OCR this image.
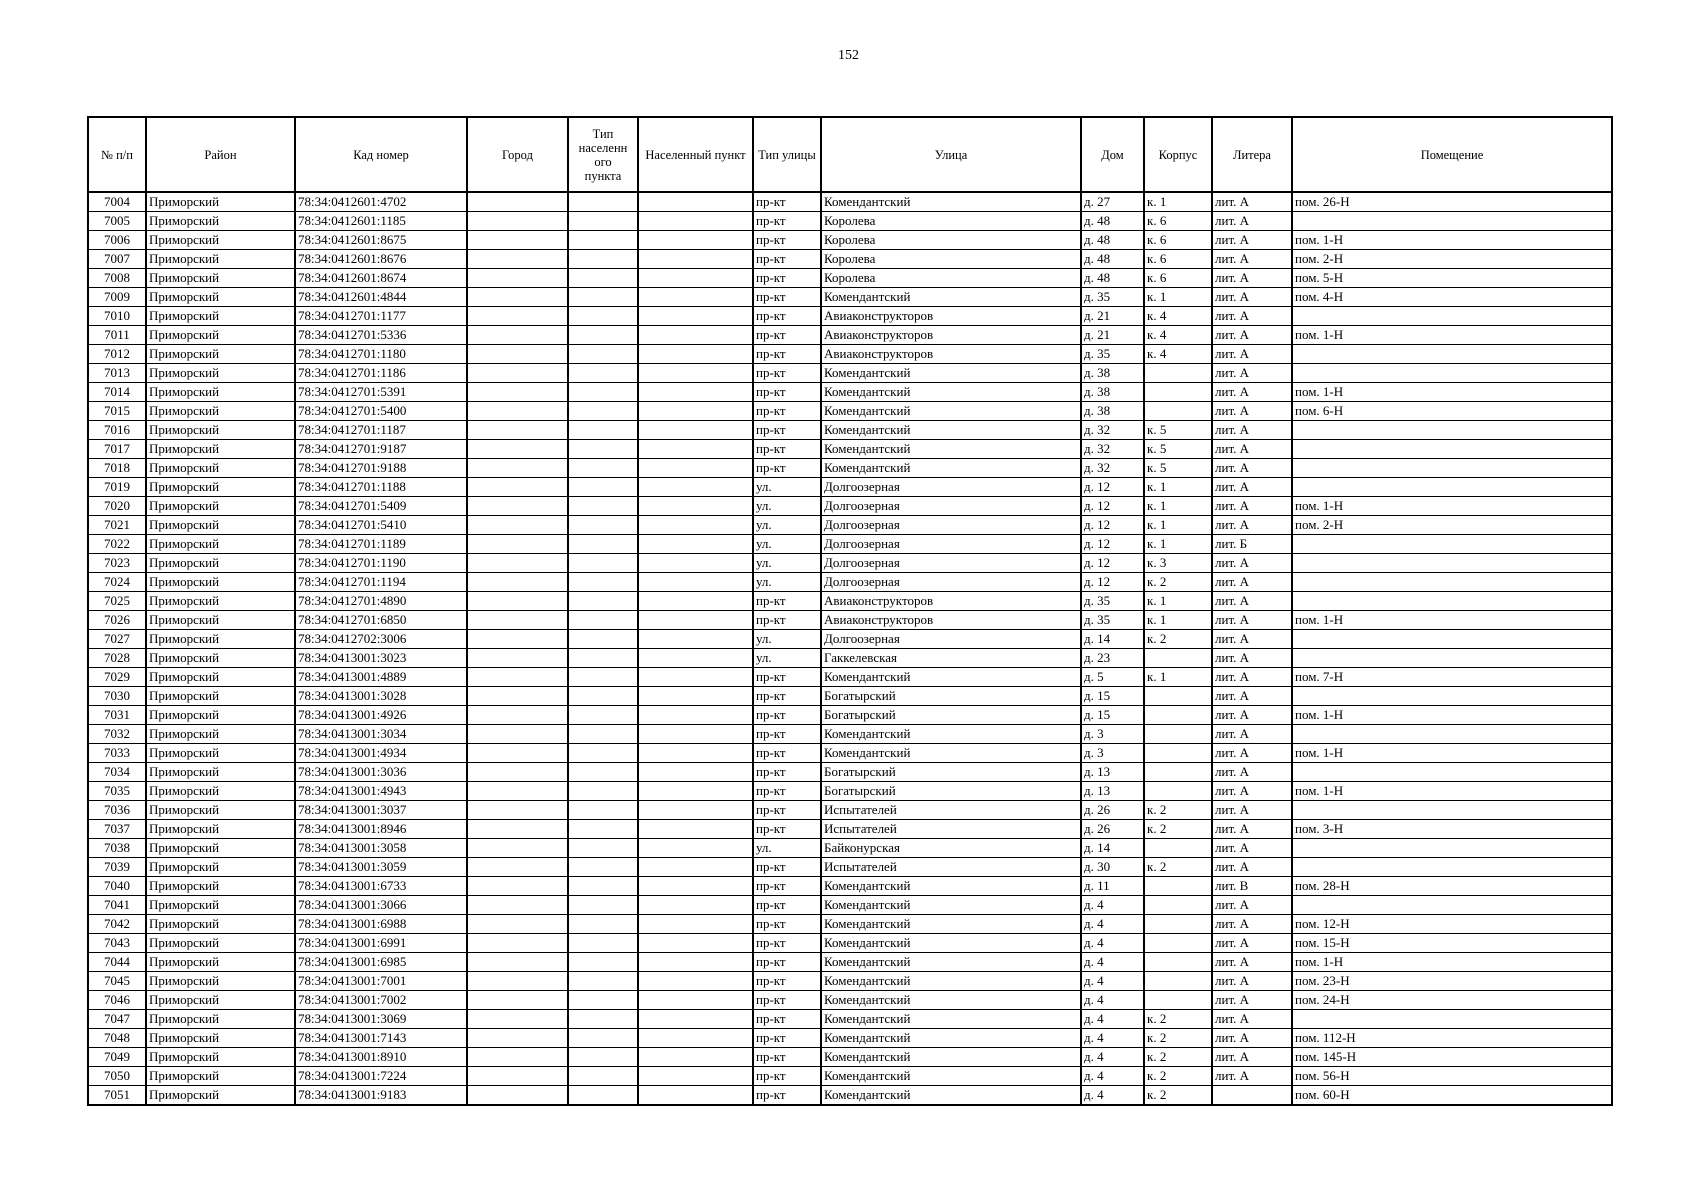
152
№ п/п	Район	Кад номер	Город	Тип
населенн
ого
пункта	Населенный пункт	Тип улицы	Улица	Дом	Корпус	Литера	Помещение
7004	Приморский	78:34:0412601:4702				пр-кт	Комендантский	д. 27	к. 1	лит. А	пом. 26-Н
7005	Приморский	78:34:0412601:1185				пр-кт	Королева	д. 48	к. 6	лит. А	
7006	Приморский	78:34:0412601:8675				пр-кт	Королева	д. 48	к. 6	лит. А	пом. 1-Н
7007	Приморский	78:34:0412601:8676				пр-кт	Королева	д. 48	к. 6	лит. А	пом. 2-Н
7008	Приморский	78:34:0412601:8674				пр-кт	Королева	д. 48	к. 6	лит. А	пом. 5-Н
7009	Приморский	78:34:0412601:4844				пр-кт	Комендантский	д. 35	к. 1	лит. А	пом. 4-Н
7010	Приморский	78:34:0412701:1177				пр-кт	Авиаконструкторов	д. 21	к. 4	лит. А	
7011	Приморский	78:34:0412701:5336				пр-кт	Авиаконструкторов	д. 21	к. 4	лит. А	пом. 1-Н
7012	Приморский	78:34:0412701:1180				пр-кт	Авиаконструкторов	д. 35	к. 4	лит. А	
7013	Приморский	78:34:0412701:1186				пр-кт	Комендантский	д. 38		лит. А	
7014	Приморский	78:34:0412701:5391				пр-кт	Комендантский	д. 38		лит. А	пом. 1-Н
7015	Приморский	78:34:0412701:5400				пр-кт	Комендантский	д. 38		лит. А	пом. 6-Н
7016	Приморский	78:34:0412701:1187				пр-кт	Комендантский	д. 32	к. 5	лит. А	
7017	Приморский	78:34:0412701:9187				пр-кт	Комендантский	д. 32	к. 5	лит. А	
7018	Приморский	78:34:0412701:9188				пр-кт	Комендантский	д. 32	к. 5	лит. А	
7019	Приморский	78:34:0412701:1188				ул.	Долгоозерная	д. 12	к. 1	лит. А	
7020	Приморский	78:34:0412701:5409				ул.	Долгоозерная	д. 12	к. 1	лит. А	пом. 1-Н
7021	Приморский	78:34:0412701:5410				ул.	Долгоозерная	д. 12	к. 1	лит. А	пом. 2-Н
7022	Приморский	78:34:0412701:1189				ул.	Долгоозерная	д. 12	к. 1	лит. Б	
7023	Приморский	78:34:0412701:1190				ул.	Долгоозерная	д. 12	к. 3	лит. А	
7024	Приморский	78:34:0412701:1194				ул.	Долгоозерная	д. 12	к. 2	лит. А	
7025	Приморский	78:34:0412701:4890				пр-кт	Авиаконструкторов	д. 35	к. 1	лит. А	
7026	Приморский	78:34:0412701:6850				пр-кт	Авиаконструкторов	д. 35	к. 1	лит. А	пом. 1-Н
7027	Приморский	78:34:0412702:3006				ул.	Долгоозерная	д. 14	к. 2	лит. А	
7028	Приморский	78:34:0413001:3023				ул.	Гаккелевская	д. 23		лит. А	
7029	Приморский	78:34:0413001:4889				пр-кт	Комендантский	д. 5	к. 1	лит. А	пом. 7-Н
7030	Приморский	78:34:0413001:3028				пр-кт	Богатырский	д. 15		лит. А	
7031	Приморский	78:34:0413001:4926				пр-кт	Богатырский	д. 15		лит. А	пом. 1-Н
7032	Приморский	78:34:0413001:3034				пр-кт	Комендантский	д. 3		лит. А	
7033	Приморский	78:34:0413001:4934				пр-кт	Комендантский	д. 3		лит. А	пом. 1-Н
7034	Приморский	78:34:0413001:3036				пр-кт	Богатырский	д. 13		лит. А	
7035	Приморский	78:34:0413001:4943				пр-кт	Богатырский	д. 13		лит. А	пом. 1-Н
7036	Приморский	78:34:0413001:3037				пр-кт	Испытателей	д. 26	к. 2	лит. А	
7037	Приморский	78:34:0413001:8946				пр-кт	Испытателей	д. 26	к. 2	лит. А	пом. 3-Н
7038	Приморский	78:34:0413001:3058				ул.	Байконурская	д. 14		лит. А	
7039	Приморский	78:34:0413001:3059				пр-кт	Испытателей	д. 30	к. 2	лит. А	
7040	Приморский	78:34:0413001:6733				пр-кт	Комендантский	д. 11		лит. В	пом. 28-Н
7041	Приморский	78:34:0413001:3066				пр-кт	Комендантский	д. 4		лит. А	
7042	Приморский	78:34:0413001:6988				пр-кт	Комендантский	д. 4		лит. А	пом. 12-Н
7043	Приморский	78:34:0413001:6991				пр-кт	Комендантский	д. 4		лит. А	пом. 15-Н
7044	Приморский	78:34:0413001:6985				пр-кт	Комендантский	д. 4		лит. А	пом. 1-Н
7045	Приморский	78:34:0413001:7001				пр-кт	Комендантский	д. 4		лит. А	пом. 23-Н
7046	Приморский	78:34:0413001:7002				пр-кт	Комендантский	д. 4		лит. А	пом. 24-Н
7047	Приморский	78:34:0413001:3069				пр-кт	Комендантский	д. 4	к. 2	лит. А	
7048	Приморский	78:34:0413001:7143				пр-кт	Комендантский	д. 4	к. 2	лит. А	пом. 112-Н
7049	Приморский	78:34:0413001:8910				пр-кт	Комендантский	д. 4	к. 2	лит. А	пом. 145-Н
7050	Приморский	78:34:0413001:7224				пр-кт	Комендантский	д. 4	к. 2	лит. А	пом. 56-Н
7051	Приморский	78:34:0413001:9183				пр-кт	Комендантский	д. 4	к. 2		пом. 60-Н
